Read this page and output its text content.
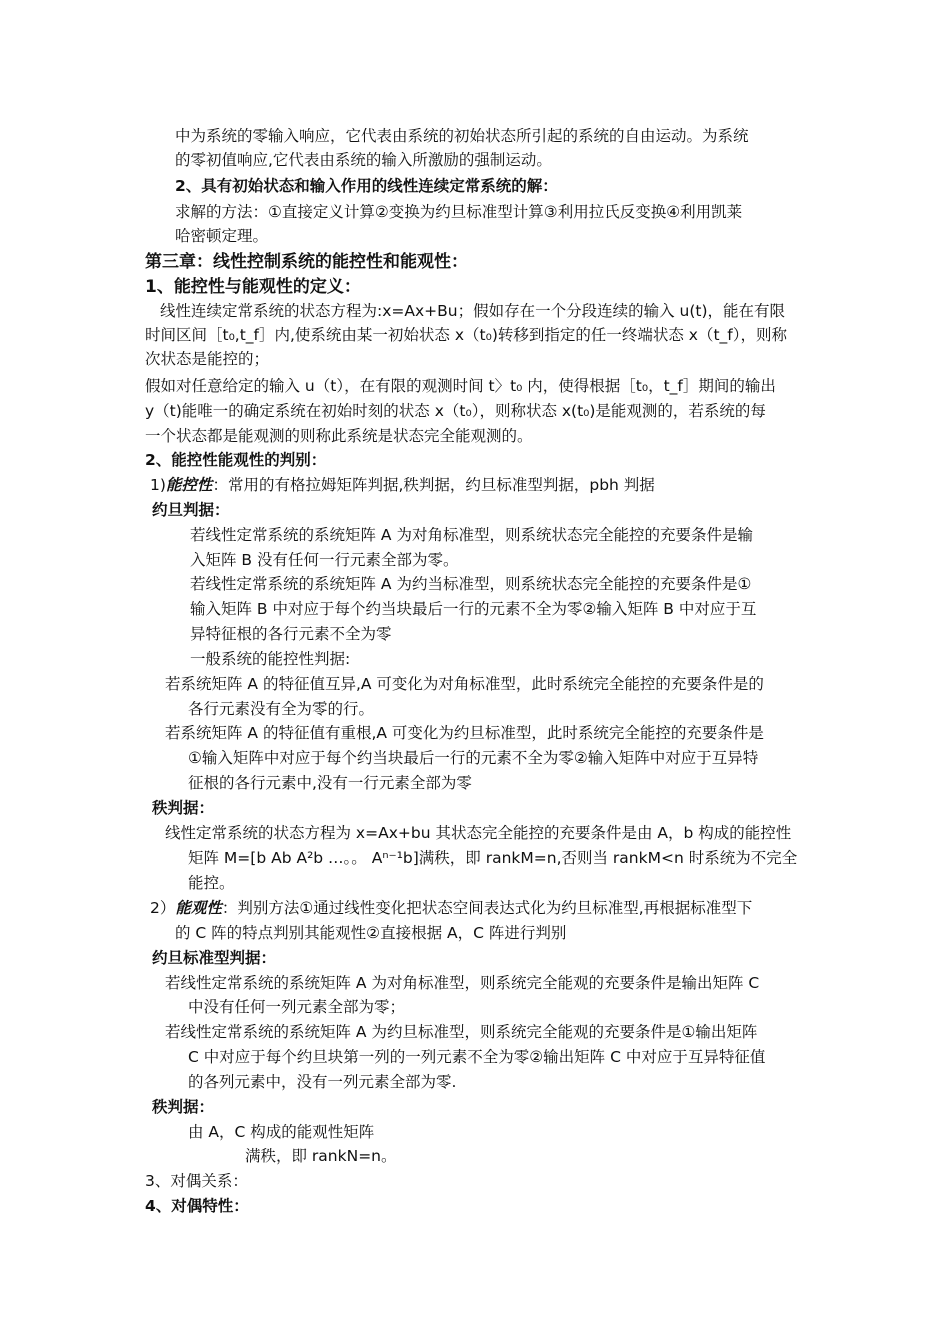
中为系统的零输入响应，它代表由系统的初始状态所引起的系统的自由运动。为系统
的零初值响应,它代表由系统的输入所激励的强制运动。
2、具有初始状态和输入作用的线性连续定常系统的解：
求解的方法：①直接定义计算②变换为约旦标准型计算③利用拉氏反变换④利用凯莱
哈密顿定理。
第三章：线性控制系统的能控性和能观性：
1、能控性与能观性的定义：
线性连续定常系统的状态方程为:x=Ax+Bu；假如存在一个分段连续的输入 u(t)，能在有限
时间区间［t₀,t_f］内,使系统由某一初始状态 x（t₀)转移到指定的任一终端状态 x（t_f），则称
次状态是能控的；
假如对任意给定的输入 u（t），在有限的观测时间 t〉t₀ 内，使得根据［t₀，t_f］期间的输出
y（t)能唯一的确定系统在初始时刻的状态 x（t₀），则称状态 x(t₀)是能观测的，若系统的每
一个状态都是能观测的则称此系统是状态完全能观测的。
2、能控性能观性的判别：
1)能控性：常用的有格拉姆矩阵判据,秩判据，约旦标准型判据，pbh 判据
约旦判据：
若线性定常系统的系统矩阵 A 为对角标准型，则系统状态完全能控的充要条件是输
入矩阵 B 没有任何一行元素全部为零。
若线性定常系统的系统矩阵 A 为约当标准型，则系统状态完全能控的充要条件是①
输入矩阵 B 中对应于每个约当块最后一行的元素不全为零②输入矩阵 B 中对应于互
异特征根的各行元素不全为零
一般系统的能控性判据:
若系统矩阵 A 的特征值互异,A 可变化为对角标准型，此时系统完全能控的充要条件是的
各行元素没有全为零的行。
若系统矩阵 A 的特征值有重根,A 可变化为约旦标准型，此时系统完全能控的充要条件是
①输入矩阵中对应于每个约当块最后一行的元素不全为零②输入矩阵中对应于互异特
征根的各行元素中,没有一行元素全部为零
秩判据：
线性定常系统的状态方程为 x=Ax+bu 其状态完全能控的充要条件是由 A，b 构成的能控性
矩阵 M=[b Ab A²b …。。 Aⁿ⁻¹b]满秩，即 rankM=n,否则当 rankM<n 时系统为不完全
能控。
2）能观性：判别方法①通过线性变化把状态空间表达式化为约旦标准型,再根据标准型下
的 C 阵的特点判别其能观性②直接根据 A，C 阵进行判别
约旦标准型判据：
若线性定常系统的系统矩阵 A 为对角标准型，则系统完全能观的充要条件是输出矩阵 C
中没有任何一列元素全部为零；
若线性定常系统的系统矩阵 A 为约旦标准型，则系统完全能观的充要条件是①输出矩阵
C 中对应于每个约旦块第一列的一列元素不全为零②输出矩阵 C 中对应于互异特征值
的各列元素中，没有一列元素全部为零.
秩判据：
由 A，C 构成的能观性矩阵
满秩，即 rankN=n。
3、对偶关系：
4、对偶特性：
